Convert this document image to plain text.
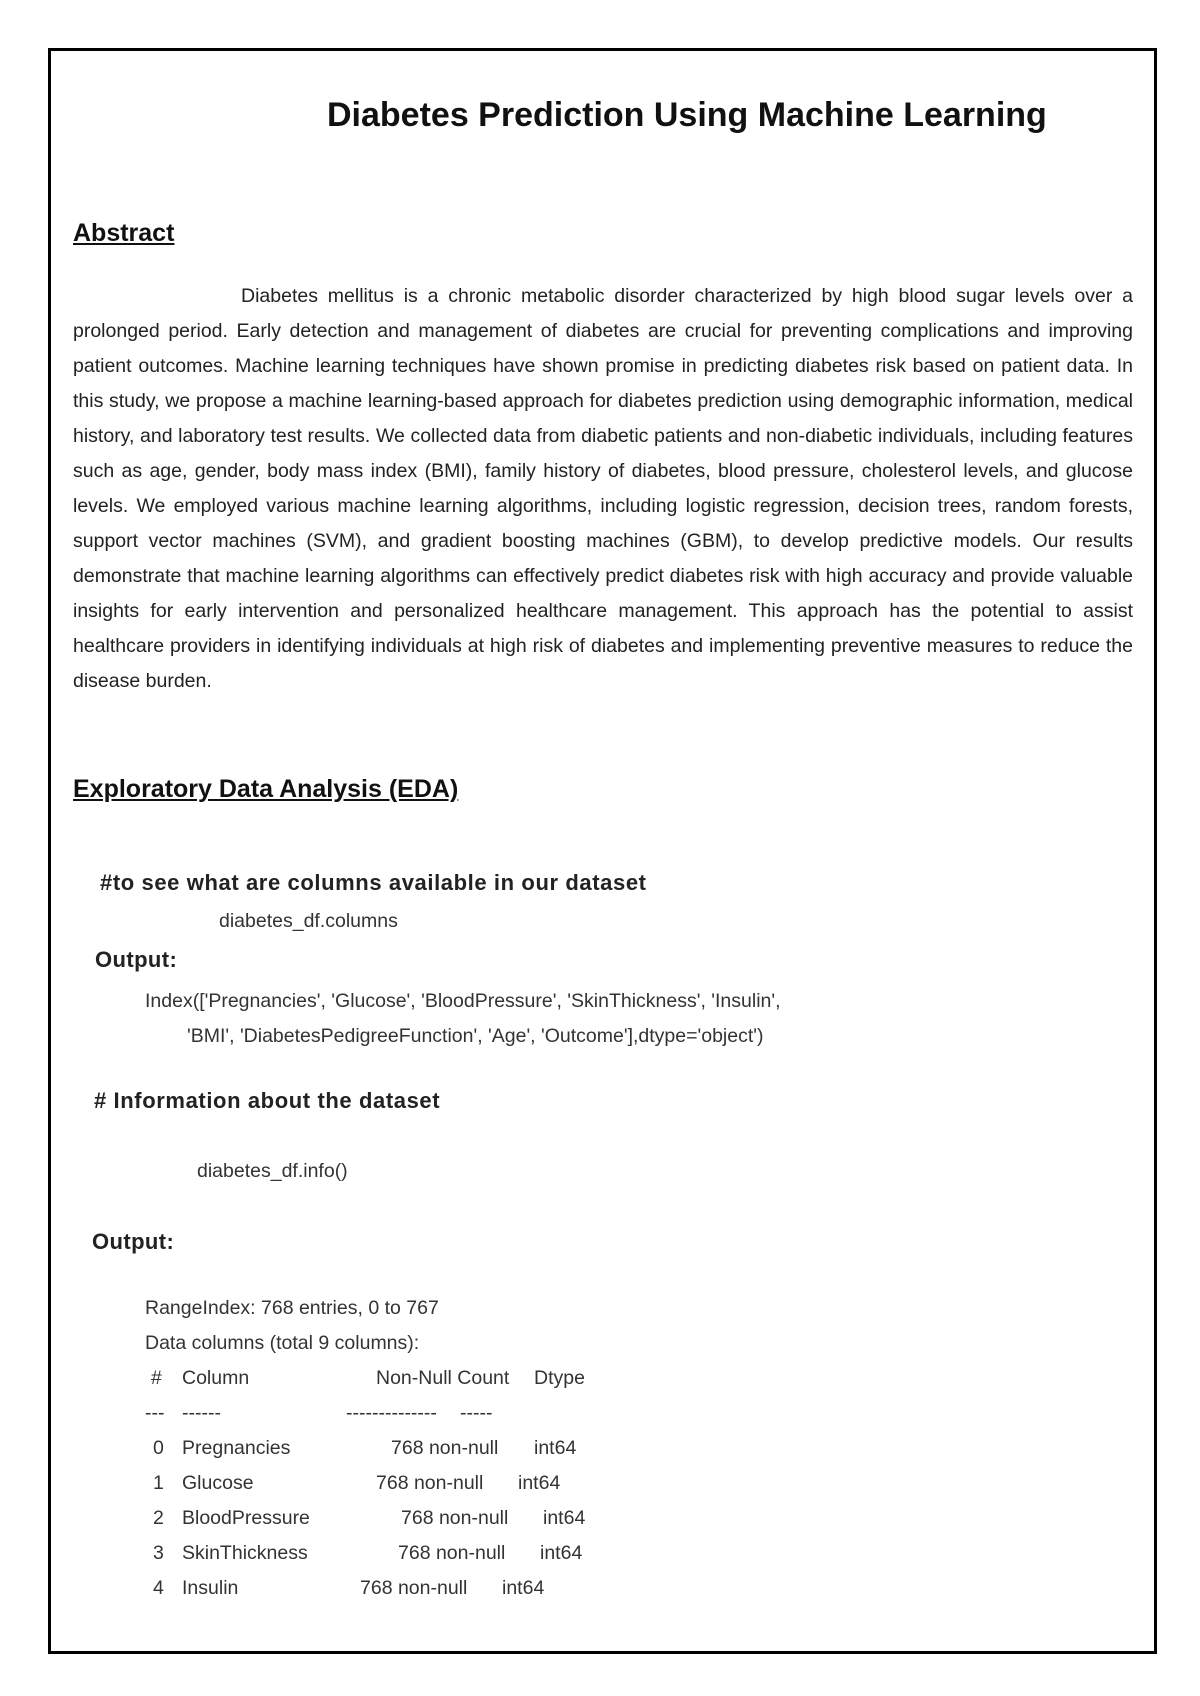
Diabetes Prediction Using Machine Learning
Abstract
Diabetes mellitus is a chronic metabolic disorder characterized by high blood sugar levels over a prolonged period. Early detection and management of diabetes are crucial for preventing complications and improving patient outcomes. Machine learning techniques have shown promise in predicting diabetes risk based on patient data. In this study, we propose a machine learning-based approach for diabetes prediction using demographic information, medical history, and laboratory test results. We collected data from diabetic patients and non-diabetic individuals, including features such as age, gender, body mass index (BMI), family history of diabetes, blood pressure, cholesterol levels, and glucose levels. We employed various machine learning algorithms, including logistic regression, decision trees, random forests, support vector machines (SVM), and gradient boosting machines (GBM), to develop predictive models. Our results demonstrate that machine learning algorithms can effectively predict diabetes risk with high accuracy and provide valuable insights for early intervention and personalized healthcare management. This approach has the potential to assist healthcare providers in identifying individuals at high risk of diabetes and implementing preventive measures to reduce the disease burden.
Exploratory Data Analysis (EDA)
#to see what are columns available in our dataset
diabetes_df.columns
Output:
Index(['Pregnancies', 'Glucose', 'BloodPressure', 'SkinThickness', 'Insulin',
'BMI', 'DiabetesPedigreeFunction', 'Age', 'Outcome'],dtype='object')
# Information about the dataset
diabetes_df.info()
Output:
RangeIndex: 768 entries, 0 to 767
Data columns (total 9 columns):
# Column	Non-Null Count Dtype
--- ------	-------------- -----
0 Pregnancies	768 non-null int64
1 Glucose	768 non-null int64
2 BloodPressure	768 non-null int64
3 SkinThickness	768 non-null int64
4 Insulin	768 non-null int64
